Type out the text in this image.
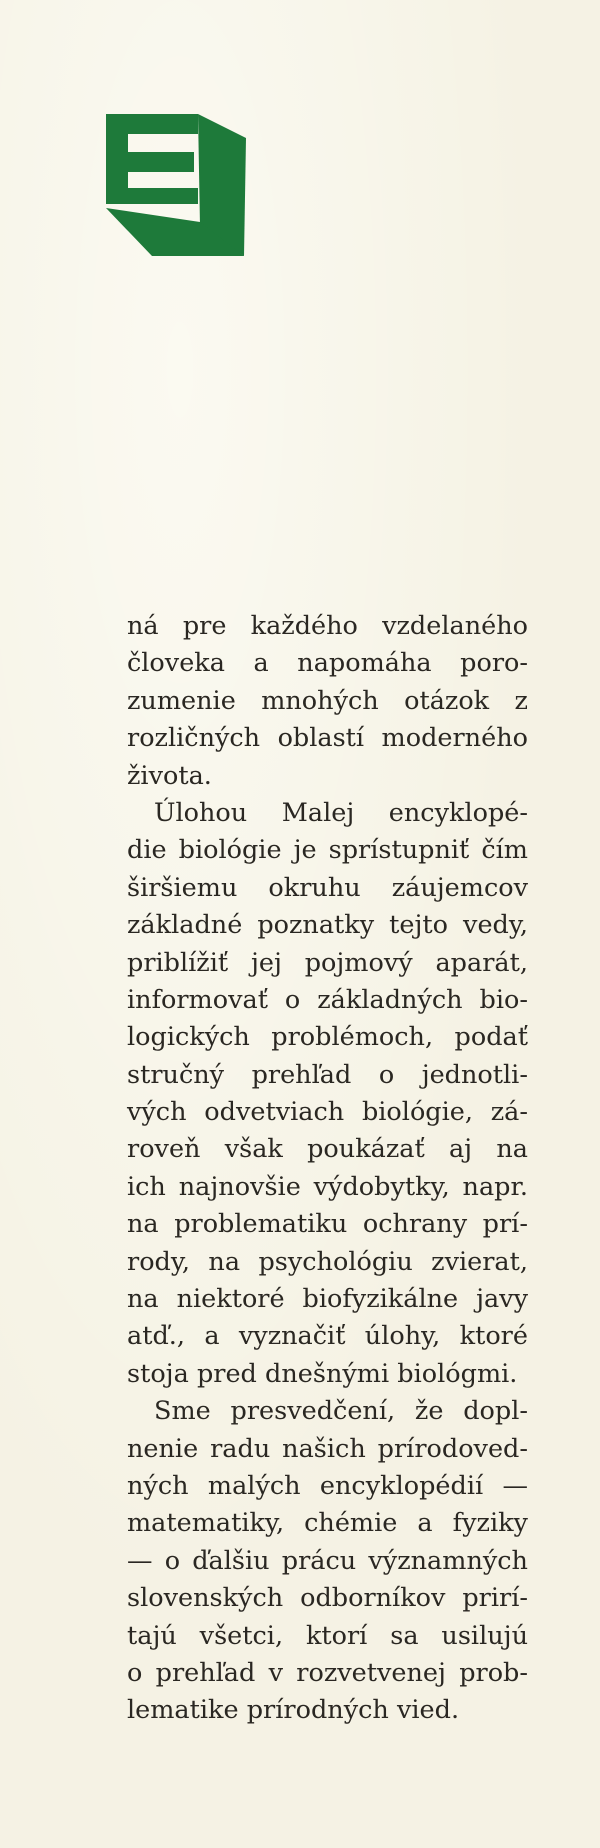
ná pre každého vzdelaného
človeka a napomáha poro-
zumenie mnohých otázok z
rozličných oblastí moderného
života.
Úlohou Malej encyklopé-
die biológie je sprístupniť čím
širšiemu okruhu záujemcov
základné poznatky tejto vedy,
priblížiť jej pojmový aparát,
informovať o základných bio-
logických problémoch, podať
stručný prehľad o jednotli-
vých odvetviach biológie, zá-
roveň však poukázať aj na
ich najnovšie výdobytky, napr.
na problematiku ochrany prí-
rody, na psychológiu zvierat,
na niektoré biofyzikálne javy
atď., a vyznačiť úlohy, ktoré
stoja pred dnešnými biológmi.
Sme presvedčení, že dopl-
nenie radu našich prírodoved-
ných malých encyklopédií —
matematiky, chémie a fyziky
— o ďalšiu prácu významných
slovenských odborníkov prirí-
tajú všetci, ktorí sa usilujú
o prehľad v rozvetvenej prob-
lematike prírodných vied.
